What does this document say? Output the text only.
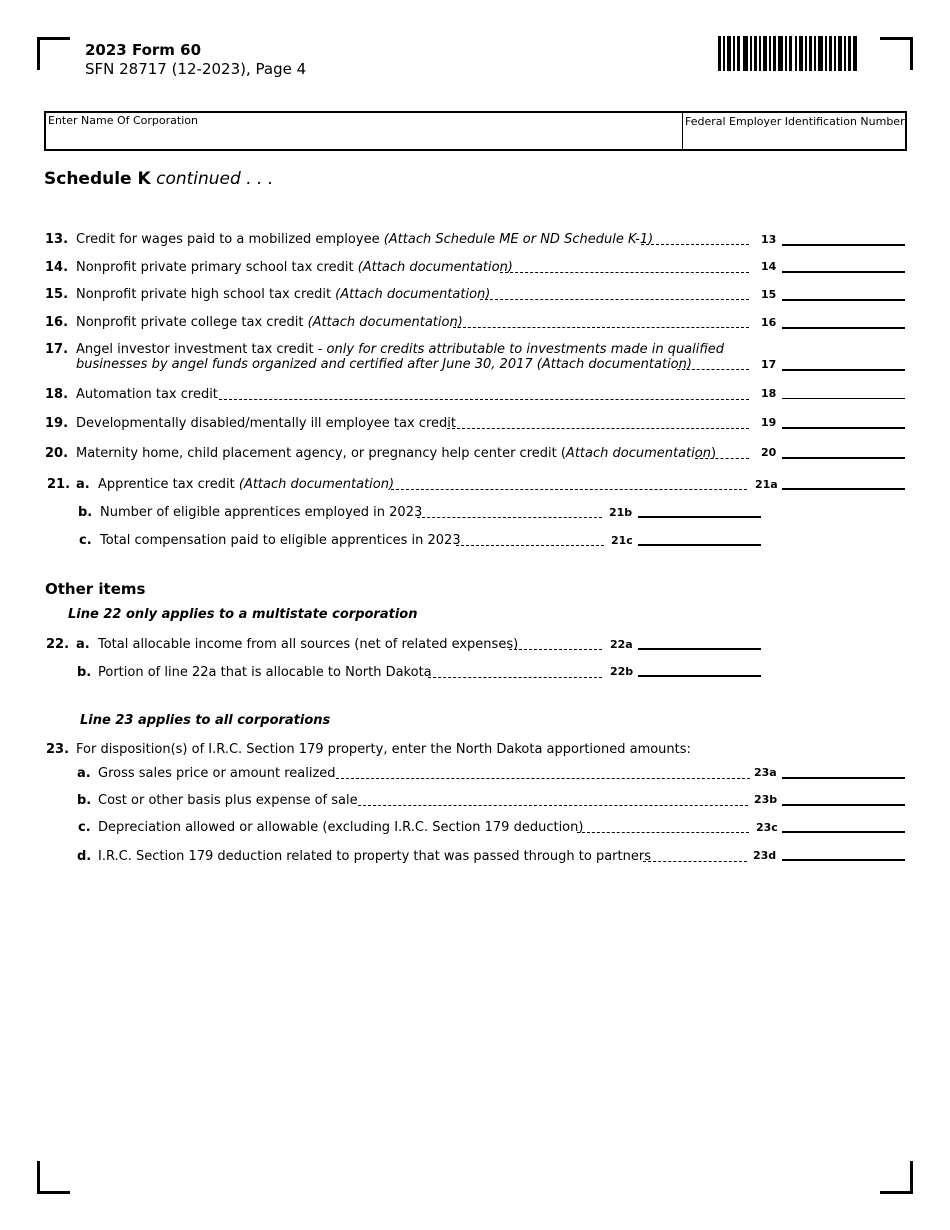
2023 Form 60
SFN 28717 (12-2023), Page 4
Enter Name Of Corporation	Federal Employer Identification Number
Schedule K continued . . .
13. Credit for wages paid to a mobilized employee (Attach Schedule ME or ND Schedule K-1)	13
14. Nonprofit private primary school tax credit (Attach documentation)	14
15. Nonprofit private high school tax credit (Attach documentation)	15
16. Nonprofit private college tax credit (Attach documentation)	16
17. Angel investor investment tax credit - only for credits attributable to investments made in qualified
businesses by angel funds organized and certified after June 30, 2017 (Attach documentation)	17
18. Automation tax credit	18
19. Developmentally disabled/mentally ill employee tax credit	19
20. Maternity home, child placement agency, or pregnancy help center credit (Attach documentation)	20
21. a. Apprentice tax credit (Attach documentation)	21a
b. Number of eligible apprentices employed in 2023	21b
c. Total compensation paid to eligible apprentices in 2023	21c
Other items
Line 22 only applies to a multistate corporation
22. a. Total allocable income from all sources (net of related expenses)	22a
b. Portion of line 22a that is allocable to North Dakota	22b
Line 23 applies to all corporations
23. For disposition(s) of I.R.C. Section 179 property, enter the North Dakota apportioned amounts:
a. Gross sales price or amount realized	23a
b. Cost or other basis plus expense of sale	23b
c. Depreciation allowed or allowable (excluding I.R.C. Section 179 deduction)	23c
d. I.R.C. Section 179 deduction related to property that was passed through to partners	23d
